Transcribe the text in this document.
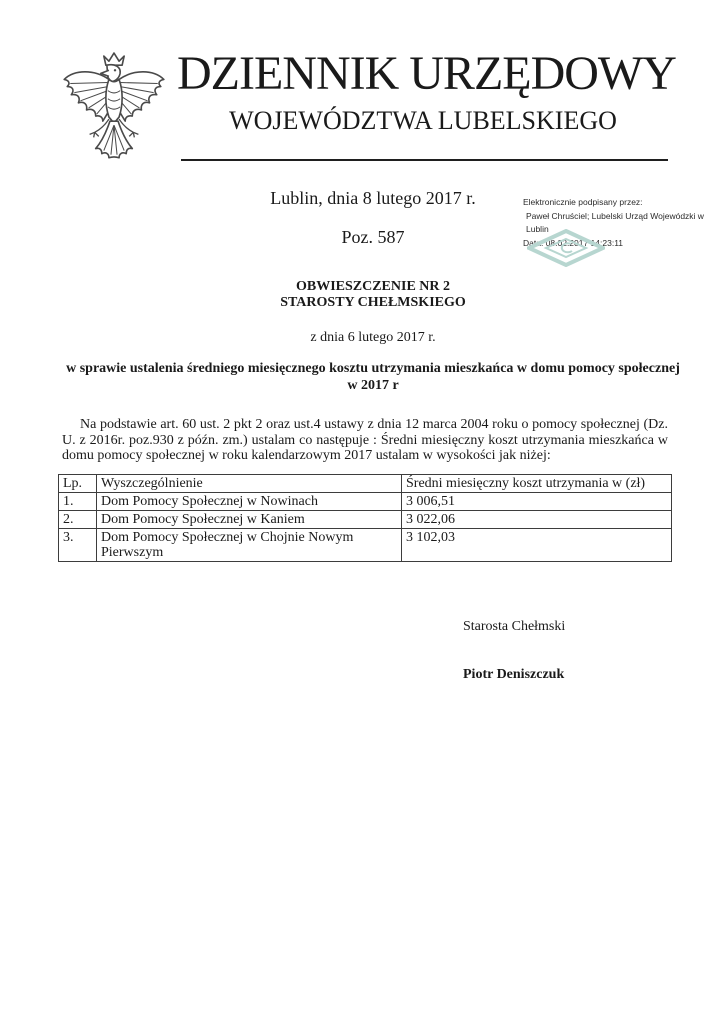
DZIENNIK URZĘDOWY
WOJEWÓDZTWA LUBELSKIEGO
Lublin, dnia 8 lutego 2017 r.
Poz. 587
Elektronicznie podpisany przez:
Paweł Chruściel; Lubelski Urząd Wojewódzki w Lublin
Data: 08.02.2017 14:23:11
OBWIESZCZENIE NR 2
STAROSTY CHEŁMSKIEGO
z dnia 6 lutego 2017 r.
w sprawie ustalenia średniego miesięcznego kosztu utrzymania mieszkańca w domu pomocy społecznej
w 2017 r
Na podstawie art. 60 ust. 2 pkt 2 oraz ust.4 ustawy z dnia 12 marca 2004 roku o pomocy społecznej (Dz. U. z 2016r. poz.930 z późn. zm.) ustalam co następuje : Średni miesięczny koszt utrzymania mieszkańca w domu pomocy społecznej w roku kalendarzowym 2017 ustalam w wysokości jak niżej:
Lp.	Wyszczególnienie	Średni miesięczny koszt utrzymania w (zł)
1.	Dom Pomocy Społecznej w Nowinach	3 006,51
2.	Dom Pomocy Społecznej w Kaniem	3 022,06
3.	Dom Pomocy Społecznej w Chojnie Nowym Pierwszym	3 102,03
Starosta Chełmski
Piotr Deniszczuk
